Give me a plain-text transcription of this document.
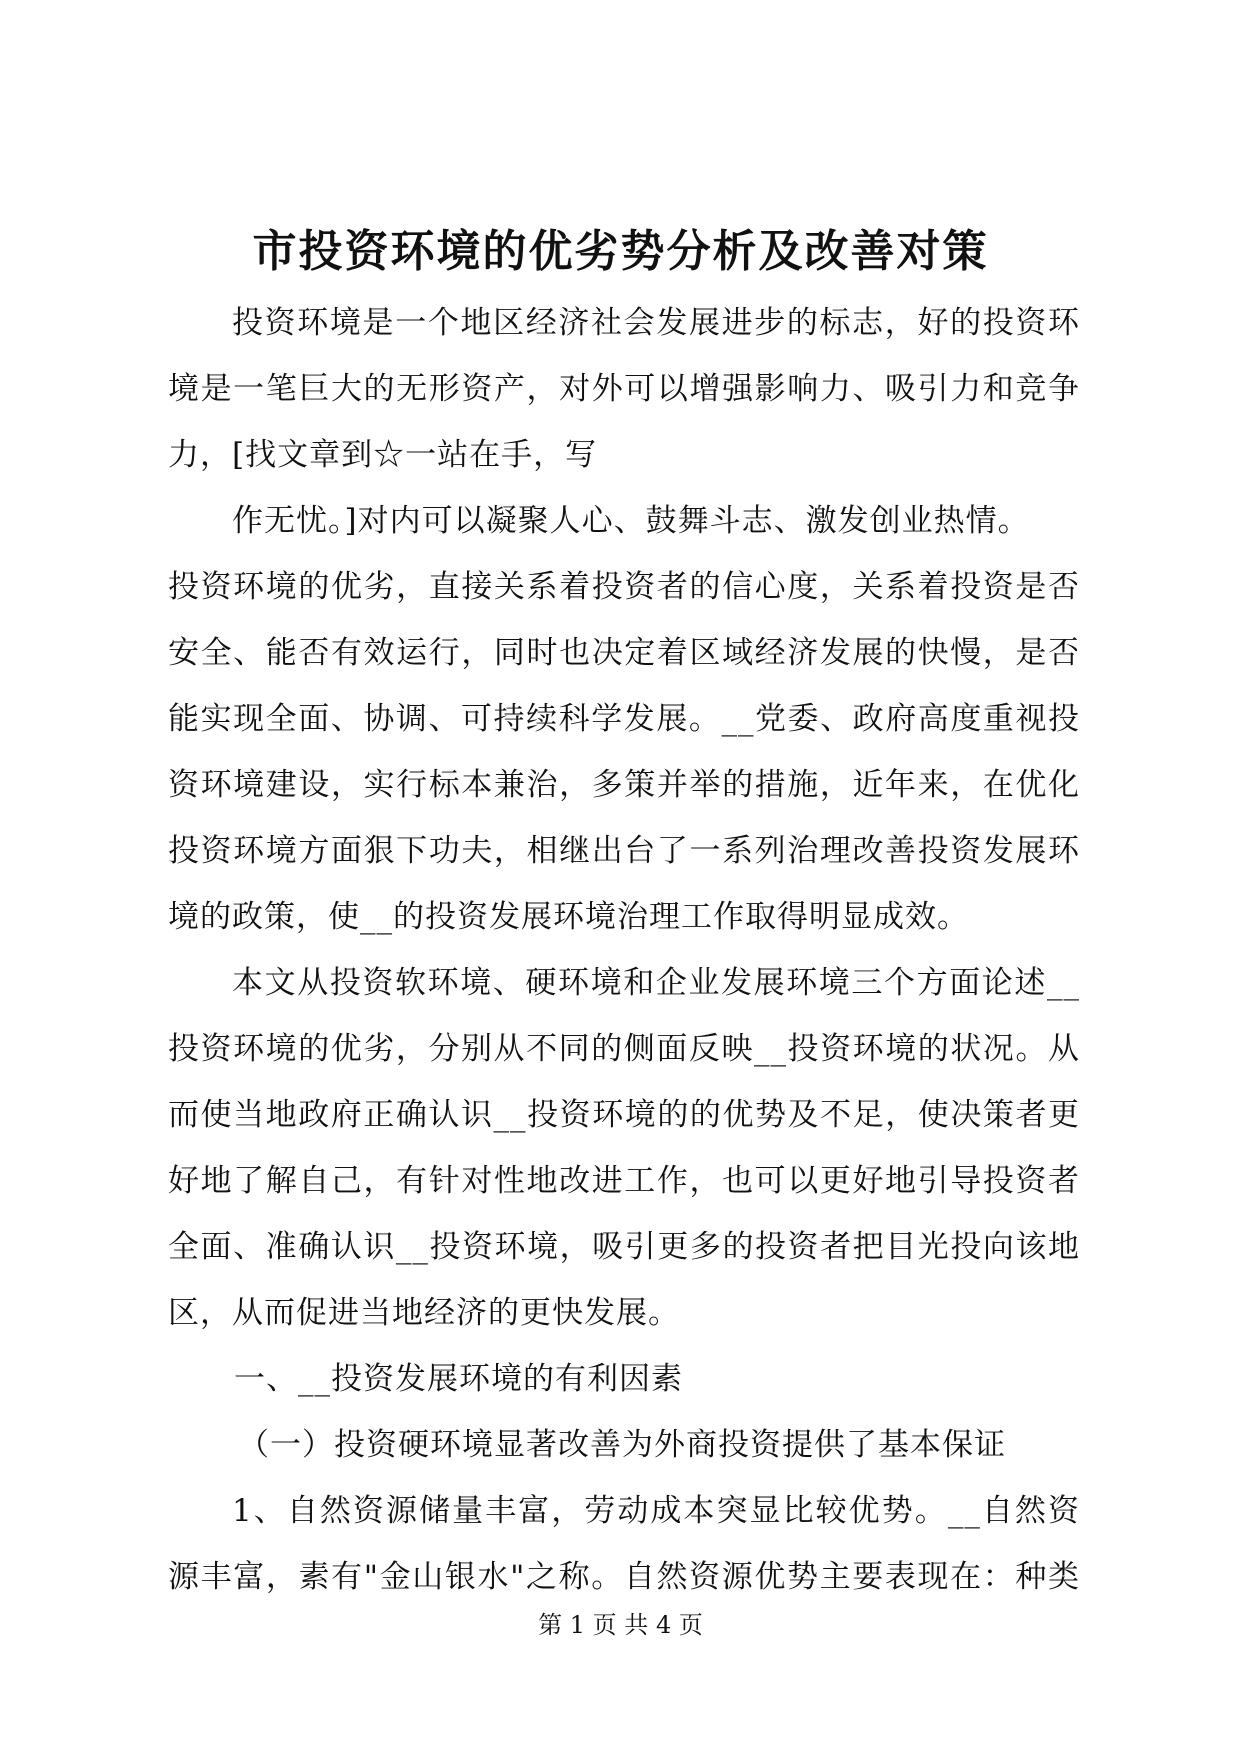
市投资环境的优劣势分析及改善对策
投资环境是一个地区经济社会发展进步的标志，好的投资环
境是一笔巨大的无形资产，对外可以增强影响力、吸引力和竞争
力，[找文章到☆一站在手，写
作无忧。]对内可以凝聚人心、鼓舞斗志、激发创业热情。
投资环境的优劣，直接关系着投资者的信心度，关系着投资是否
安全、能否有效运行，同时也决定着区域经济发展的快慢，是否
能实现全面、协调、可持续科学发展。__党委、政府高度重视投
资环境建设，实行标本兼治，多策并举的措施，近年来，在优化
投资环境方面狠下功夫，相继出台了一系列治理改善投资发展环
境的政策，使__的投资发展环境治理工作取得明显成效。
本文从投资软环境、硬环境和企业发展环境三个方面论述__
投资环境的优劣，分别从不同的侧面反映__投资环境的状况。从
而使当地政府正确认识__投资环境的的优势及不足，使决策者更
好地了解自己，有针对性地改进工作，也可以更好地引导投资者
全面、准确认识__投资环境，吸引更多的投资者把目光投向该地
区，从而促进当地经济的更快发展。
一、__投资发展环境的有利因素
（一）投资硬环境显著改善为外商投资提供了基本保证
1、自然资源储量丰富，劳动成本突显比较优势。__自然资
源丰富，素有"金山银水"之称。自然资源优势主要表现在：种类
第 1 页 共 4 页
